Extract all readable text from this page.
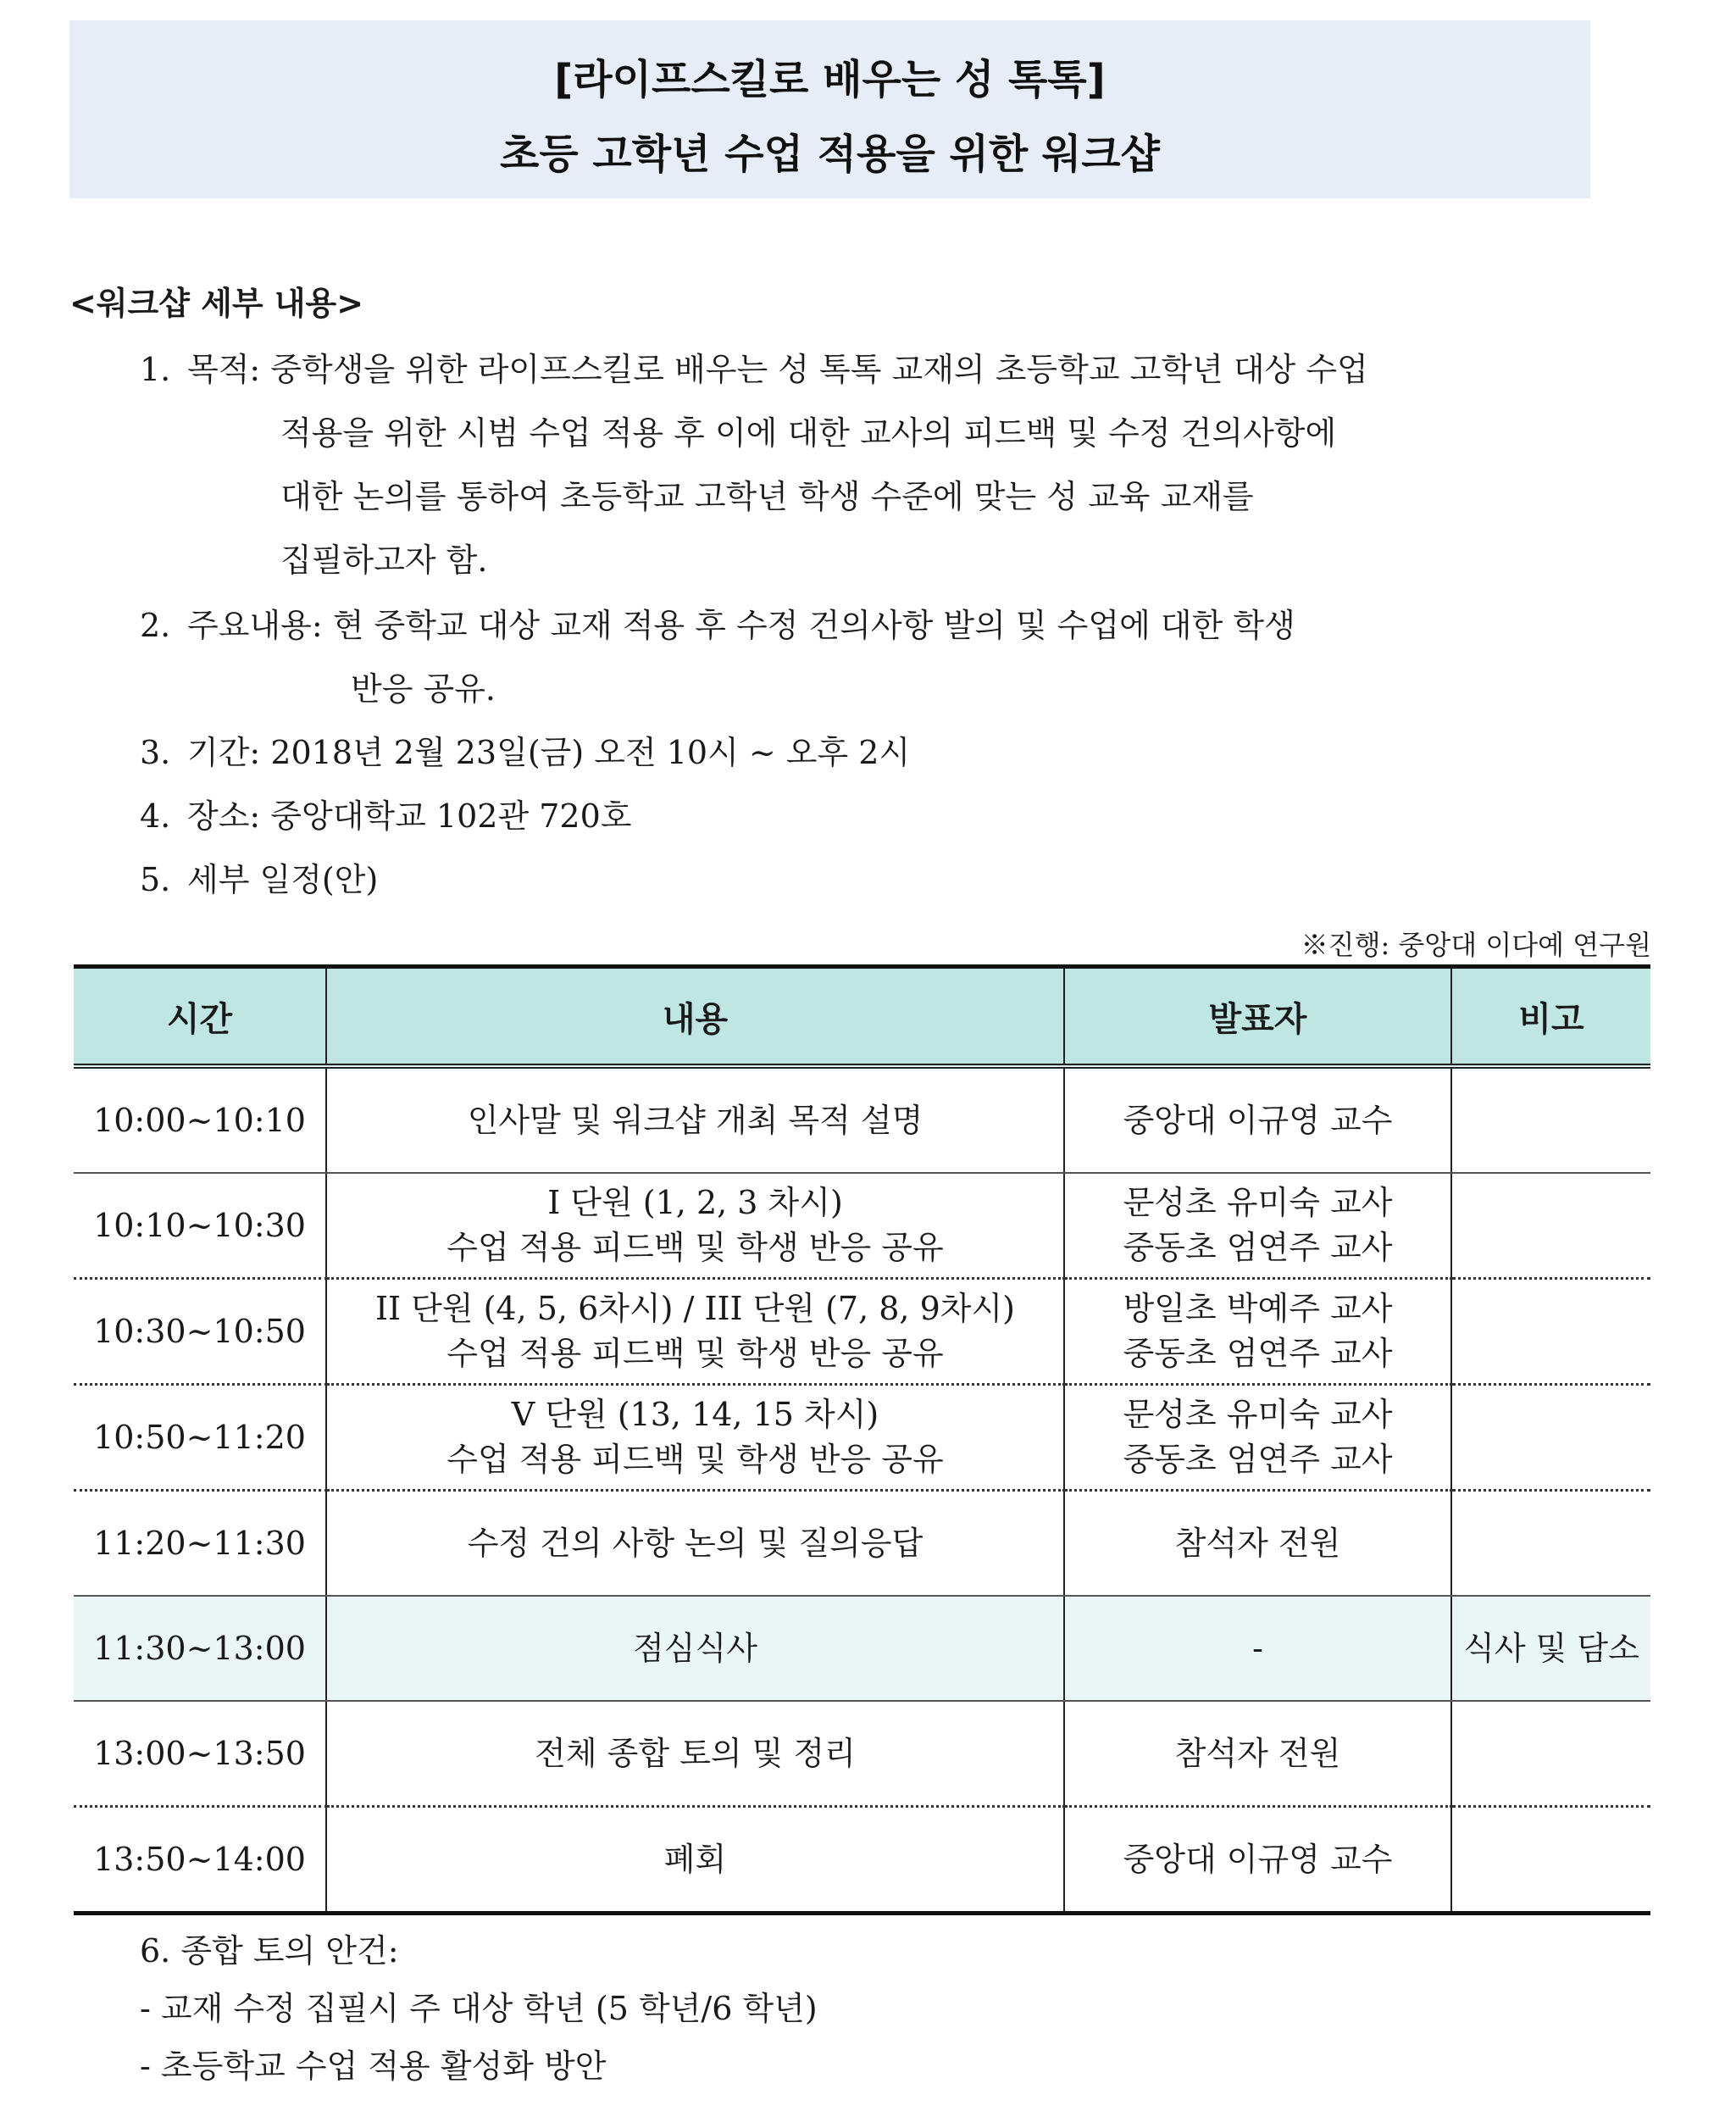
[라이프스킬로 배우는 성 톡톡]
초등 고학년 수업 적용을 위한 워크샵
<워크샵 세부 내용>
1. 목적: 중학생을 위한 라이프스킬로 배우는 성 톡톡 교재의 초등학교 고학년 대상 수업
적용을 위한 시범 수업 적용 후 이에 대한 교사의 피드백 및 수정 건의사항에
대한 논의를 통하여 초등학교 고학년 학생 수준에 맞는 성 교육 교재를
집필하고자 함.
2. 주요내용: 현 중학교 대상 교재 적용 후 수정 건의사항 발의 및 수업에 대한 학생
반응 공유.
3. 기간: 2018년 2월 23일(금) 오전 10시 ~ 오후 2시
4. 장소: 중앙대학교 102관 720호
5. 세부 일정(안)
※진행: 중앙대 이다예 연구원
시간	내용	발표자	비고
10:00~10:10	인사말 및 워크샵 개최 목적 설명	중앙대 이규영 교수	

10:10~10:30	I 단원 (1, 2, 3 차시)
수업 적용 피드백 및 학생 반응 공유	문성초 유미숙 교사
중동초 엄연주 교사	

10:30~10:50	II 단원 (4, 5, 6차시) / III 단원 (7, 8, 9차시)
수업 적용 피드백 및 학생 반응 공유	방일초 박예주 교사
중동초 엄연주 교사	

10:50~11:20	V 단원 (13, 14, 15 차시)
수업 적용 피드백 및 학생 반응 공유	문성초 유미숙 교사
중동초 엄연주 교사	

11:20~11:30	수정 건의 사항 논의 및 질의응답	참석자 전원	

11:30~13:00	점심식사	-	식사 및 담소
13:00~13:50	전체 종합 토의 및 정리	참석자 전원	

13:50~14:00	폐회	중앙대 이규영 교수	

6. 종합 토의 안건:
- 교재 수정 집필시 주 대상 학년 (5 학년/6 학년)
- 초등학교 수업 적용 활성화 방안
